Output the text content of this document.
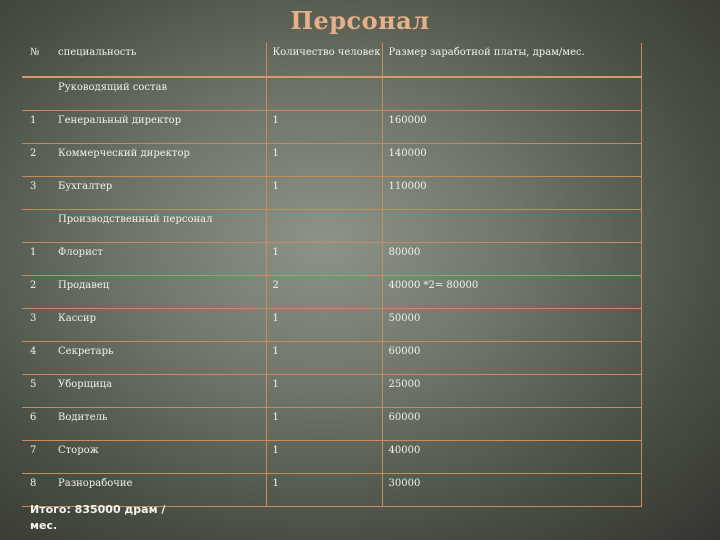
Персонал
№	специальность	Количество человек	Размер заработной платы, драм/мес.
	Руководящий состав		
1	Генеральный директор	1	160000
2	Коммерческий директор	1	140000
3	Бухгалтер	1	110000
	Производственный персонал		
1	Флорист	1	80000
2	Продавец	2	40000 *2= 80000
3	Кассир	1	50000
4	Секретарь	1	60000
5	Уборщица	1	25000
6	Водитель	1	60000
7	Сторож	1	40000
8	Разнорабочие	1	30000
Итого: 835000 драм /мес.
